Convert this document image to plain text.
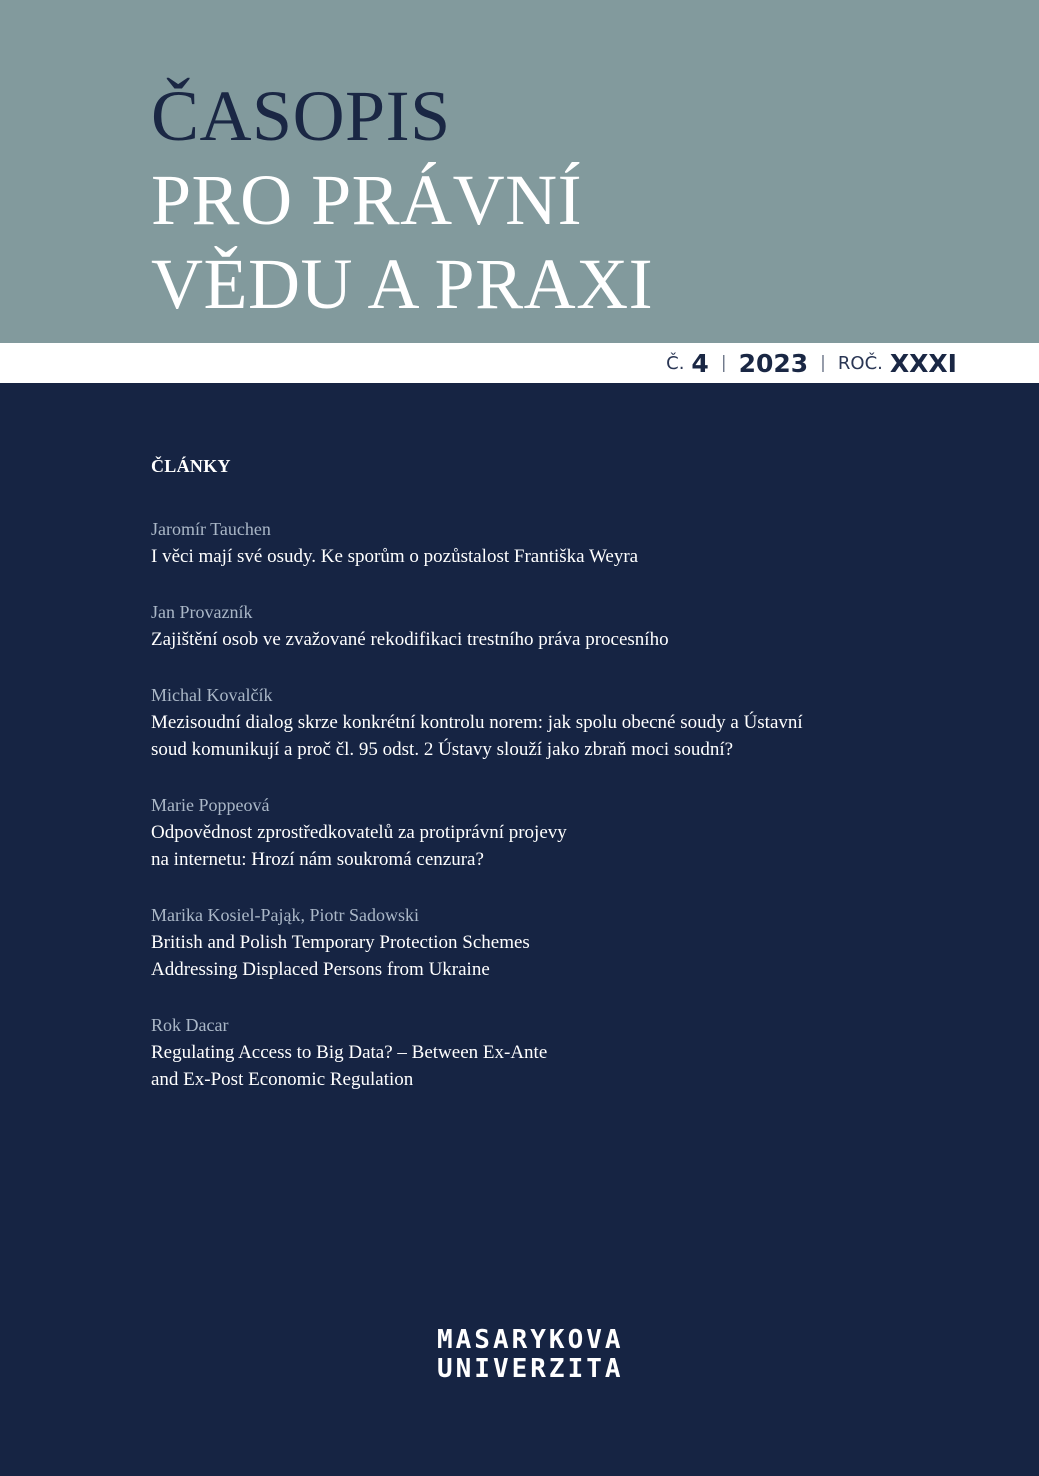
ČASOPIS
PRO PRÁVNÍ
VĚDU A PRAXI
Č. 4 | 2023 | ROČ. XXXI
ČLÁNKY
Jaromír Tauchen
I věci mají své osudy. Ke sporům o pozůstalost Františka Weyra
Jan Provazník
Zajištění osob ve zvažované rekodifikaci trestního práva procesního
Michal Kovalčík
Mezisoudní dialog skrze konkrétní kontrolu norem: jak spolu obecné soudy a Ústavní
soud komunikují a proč čl. 95 odst. 2 Ústavy slouží jako zbraň moci soudní?
Marie Poppeová
Odpovědnost zprostředkovatelů za protiprávní projevy
na internetu: Hrozí nám soukromá cenzura?
Marika Kosiel-Pająk, Piotr Sadowski
British and Polish Temporary Protection Schemes
Addressing Displaced Persons from Ukraine
Rok Dacar
Regulating Access to Big Data? – Between Ex-Ante
and Ex-Post Economic Regulation
MASARYKOVA
UNIVERZITA
